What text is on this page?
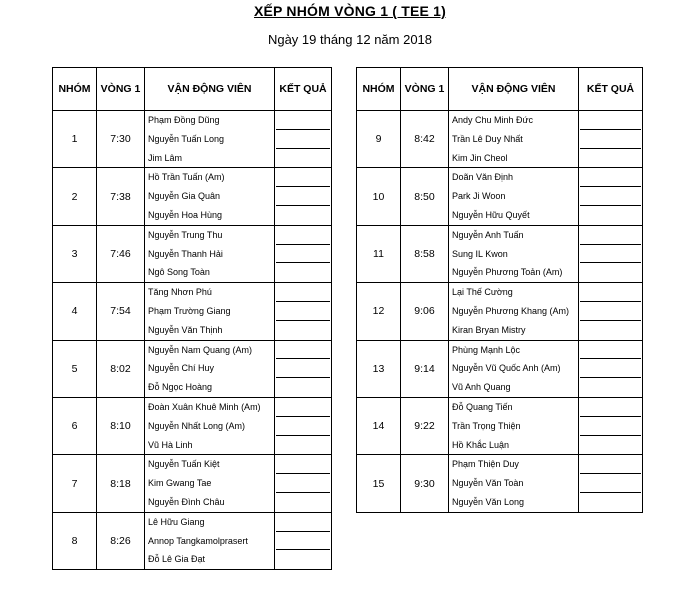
XẾP NHÓM VÒNG 1 ( TEE 1)
Ngày 19 tháng 12 năm 2018
NHÓM	VÒNG 1	VẬN ĐỘNG VIÊN	KẾT QUẢ
1	7:30	Phạm Đồng Dũng
Nguyễn Tuấn Long
Jim Lâm	

2	7:38	Hồ Trần Tuấn (Am)
Nguyễn Gia Quân
Nguyễn Hoa Hùng	

3	7:46	Nguyễn Trung Thu
Nguyễn Thanh Hải
Ngô Song Toàn	

4	7:54	Tăng Nhơn Phú
Phạm Trường Giang
Nguyễn Văn Thịnh	

5	8:02	Nguyễn Nam Quang (Am)
Nguyễn Chí Huy
Đỗ Ngọc Hoàng	

6	8:10	Đoàn Xuân Khuê Minh (Am)
Nguyễn Nhất Long (Am)
Vũ Hà Linh	

7	8:18	Nguyễn Tuấn Kiệt
Kim Gwang Tae
Nguyễn Đình Châu	

8	8:26	Lê Hữu Giang
Annop Tangkamolprasert
Đỗ Lê Gia Đạt	

NHÓM	VÒNG 1	VẬN ĐỘNG VIÊN	KẾT QUẢ
9	8:42	Andy Chu Minh Đức
Trần Lê Duy Nhất
Kim Jin Cheol	

10	8:50	Doãn Văn Định
Park Ji Woon
Nguyễn Hữu Quyết	

11	8:58	Nguyễn Anh Tuấn
Sung IL Kwon
Nguyễn Phương Toản (Am)	

12	9:06	Lại Thế Cường
Nguyễn Phương Khang (Am)
Kiran Bryan Mistry	

13	9:14	Phùng Mạnh Lộc
Nguyễn Vũ Quốc Anh (Am)
Vũ Anh Quang	

14	9:22	Đỗ Quang Tiến
Trần Trọng Thiện
Hồ Khắc Luận	

15	9:30	Phạm Thiện Duy
Nguyễn Văn Toàn
Nguyễn Văn Long	
